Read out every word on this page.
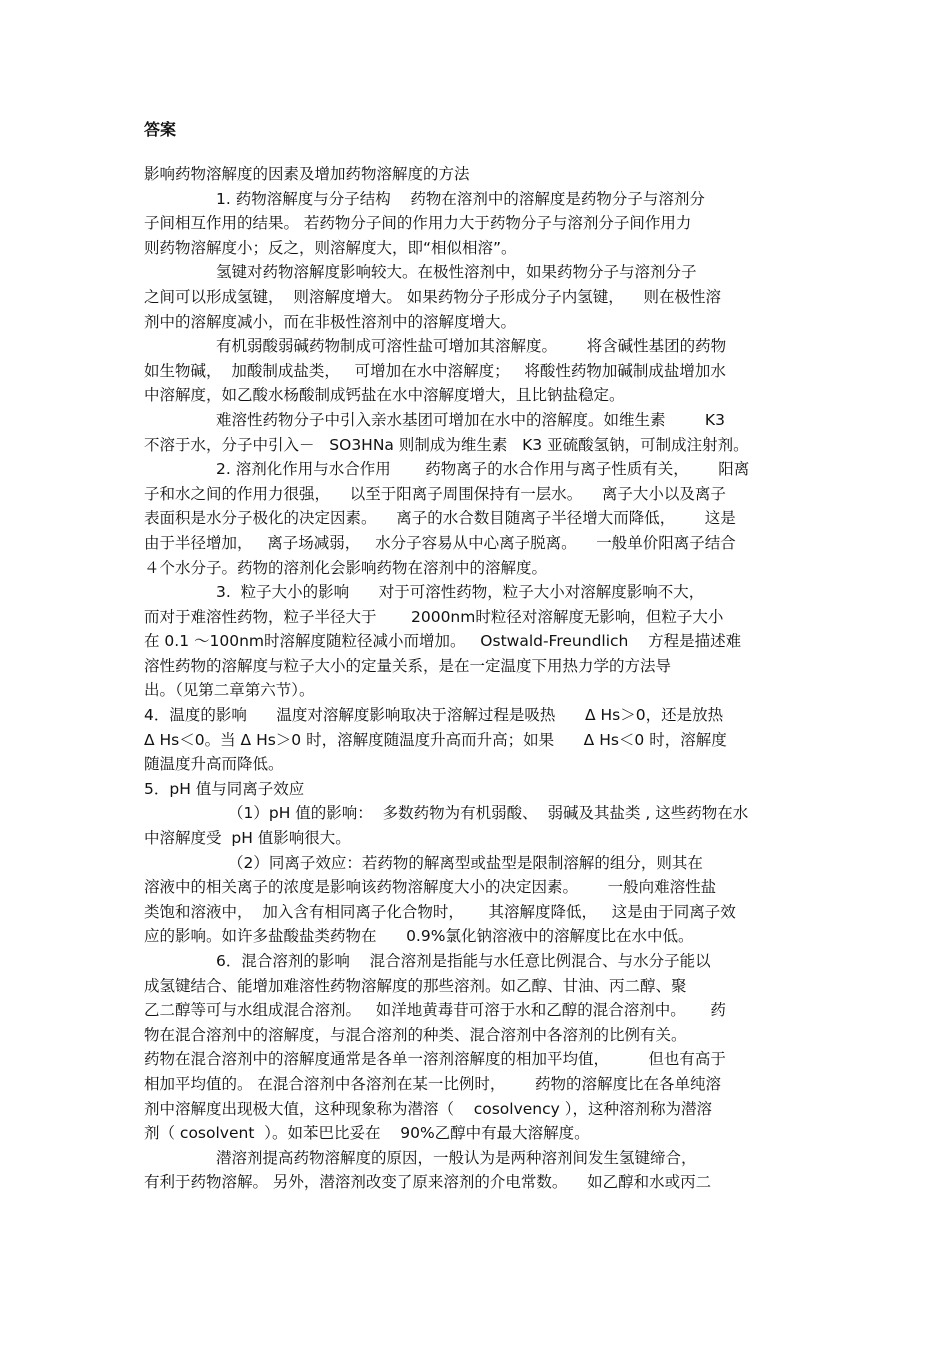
答案
影响药物溶解度的因素及增加药物溶解度的方法
1. 药物溶解度与分子结构    药物在溶剂中的溶解度是药物分子与溶剂分
子间相互作用的结果。 若药物分子间的作用力大于药物分子与溶剂分子间作用力
则药物溶解度小；反之，则溶解度大，即“相似相溶”。
氢键对药物溶解度影响较大。在极性溶剂中，如果药物分子与溶剂分子
之间可以形成氢键，  则溶解度增大。 如果药物分子形成分子内氢键，    则在极性溶
剂中的溶解度减小，而在非极性溶剂中的溶解度增大。
有机弱酸弱碱药物制成可溶性盐可增加其溶解度。      将含碱性基团的药物
如生物碱，  加酸制成盐类，   可增加在水中溶解度；   将酸性药物加碱制成盐增加水
中溶解度，如乙酸水杨酸制成钙盐在水中溶解度增大，且比钠盐稳定。
难溶性药物分子中引入亲水基团可增加在水中的溶解度。如维生素        K3
不溶于水，分子中引入－   SO3HNa 则制成为维生素   K3 亚硫酸氢钠，可制成注射剂。
2. 溶剂化作用与水合作用       药物离子的水合作用与离子性质有关，      阳离
子和水之间的作用力很强，    以至于阳离子周围保持有一层水。    离子大小以及离子
表面积是水分子极化的决定因素。    离子的水合数目随离子半径增大而降低，      这是
由于半径增加，   离子场减弱，   水分子容易从中心离子脱离。    一般单价阳离子结合
４个水分子。药物的溶剂化会影响药物在溶剂中的溶解度。
3.  粒子大小的影响      对于可溶性药物，粒子大小对溶解度影响不大，
而对于难溶性药物，粒子半径大于       2000nm时粒径对溶解度无影响，但粒子大小
在 0.1 ～100nm时溶解度随粒径减小而增加。   Ostwald-Freundlich    方程是描述难
溶性药物的溶解度与粒子大小的定量关系，是在一定温度下用热力学的方法导
出。（见第二章第六节）。
4．温度的影响      温度对溶解度影响取决于溶解过程是吸热      Δ Hs＞0，还是放热
Δ Hs＜0。当 Δ Hs＞0 时，溶解度随温度升高而升高；如果      Δ Hs＜0 时，溶解度
随温度升高而降低。
5．pH 值与同离子效应
（1）pH 值的影响：  多数药物为有机弱酸、  弱碱及其盐类 , 这些药物在水
中溶解度受  pH 值影响很大。
（2）同离子效应：若药物的解离型或盐型是限制溶解的组分，则其在
溶液中的相关离子的浓度是影响该药物溶解度大小的决定因素。      一般向难溶性盐
类饱和溶液中，  加入含有相同离子化合物时，     其溶解度降低，   这是由于同离子效
应的影响。如许多盐酸盐类药物在      0.9%氯化钠溶液中的溶解度比在水中低。
6．混合溶剂的影响    混合溶剂是指能与水任意比例混合、与水分子能以
成氢键结合、能增加难溶性药物溶解度的那些溶剂。如乙醇、甘油、丙二醇、聚
乙二醇等可与水组成混合溶剂。   如洋地黄毒苷可溶于水和乙醇的混合溶剂中。     药
物在混合溶剂中的溶解度，与混合溶剂的种类、混合溶剂中各溶剂的比例有关。
药物在混合溶剂中的溶解度通常是各单一溶剂溶解度的相加平均值，        但也有高于
相加平均值的。 在混合溶剂中各溶剂在某一比例时，      药物的溶解度比在各单纯溶
剂中溶解度出现极大值，这种现象称为潜溶（    cosolvency ），这种溶剂称为潜溶
剂（ cosolvent  ）。如苯巴比妥在    90%乙醇中有最大溶解度。
潜溶剂提高药物溶解度的原因，一般认为是两种溶剂间发生氢键缔合，
有利于药物溶解。 另外，潜溶剂改变了原来溶剂的介电常数。    如乙醇和水或丙二
